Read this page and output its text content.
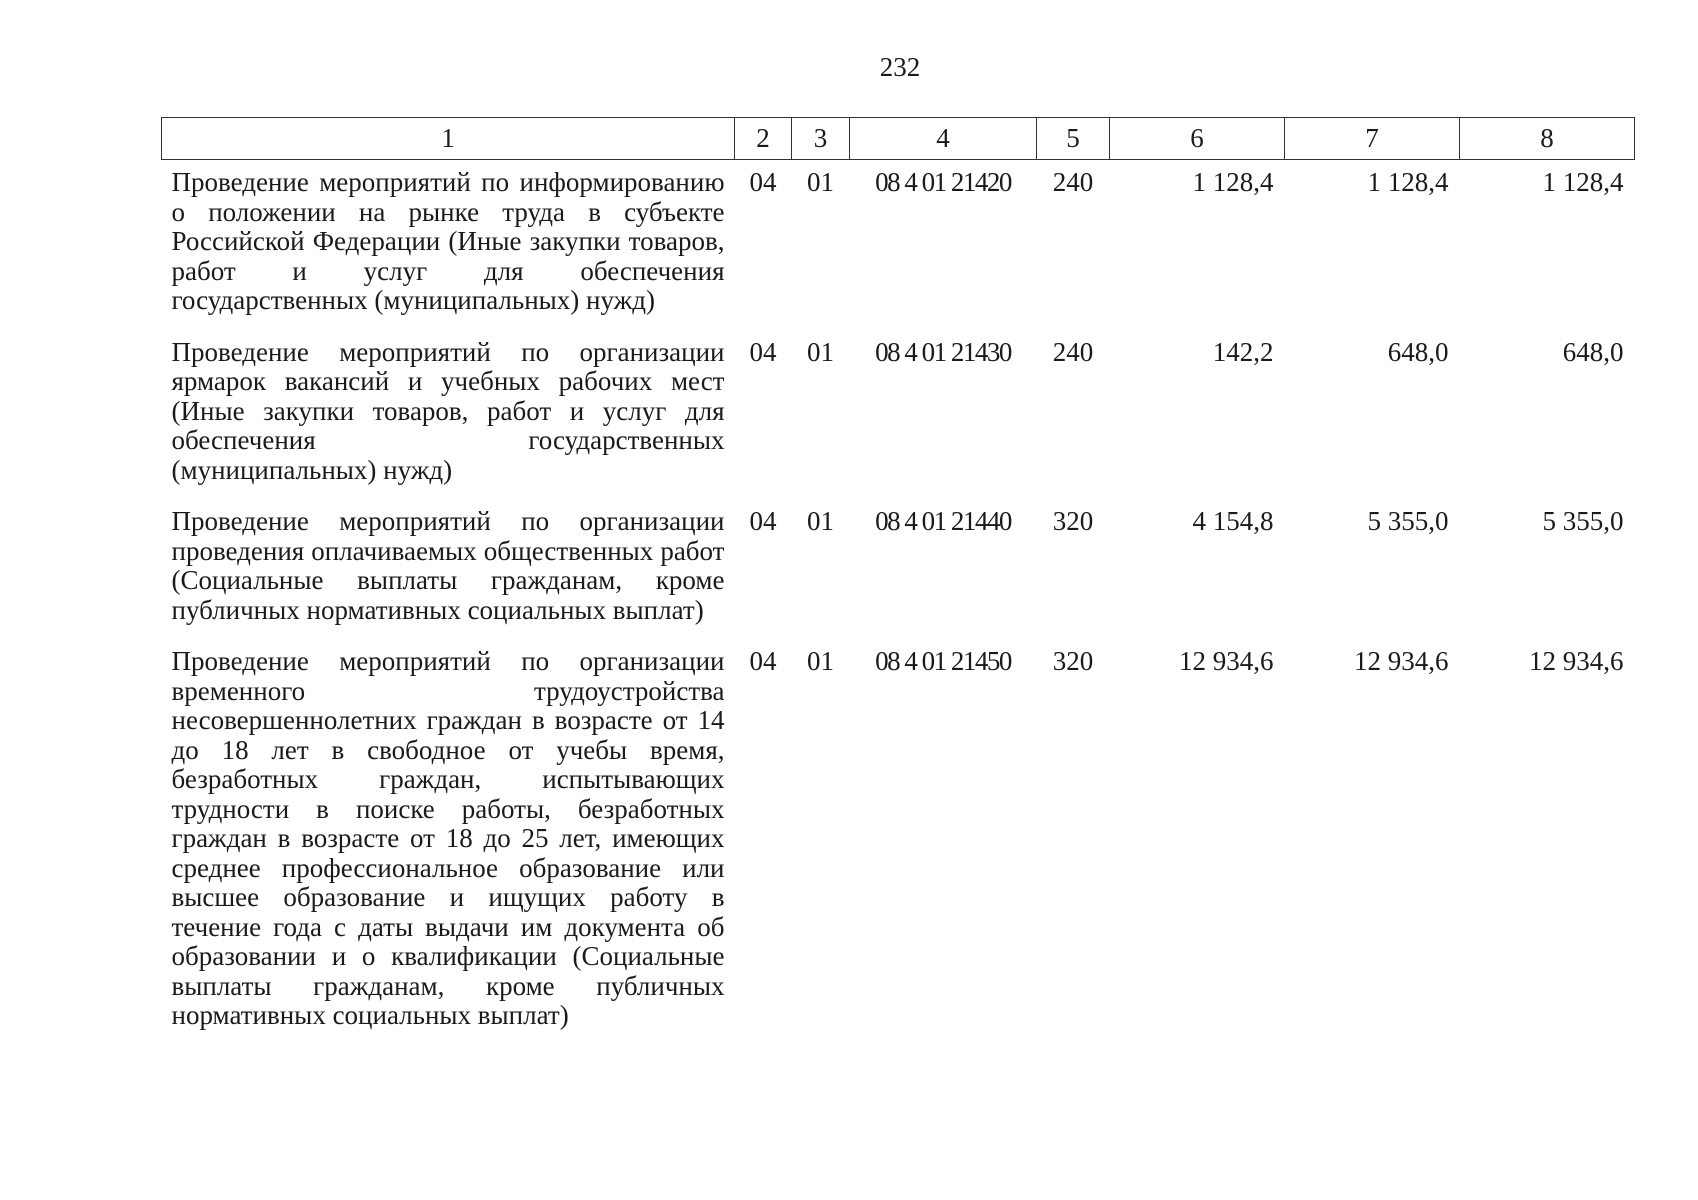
232
1	2	3	4	5	6	7	8
Проведение мероприятий по информированию о положении на рынке труда в субъекте Российской Федерации (Иные закупки товаров, работ и услуг для обеспечения государственных (муниципальных) нужд)	04	01	08 4 01 21420	240	1 128,4	1 128,4	1 128,4
Проведение мероприятий по организации ярмарок вакансий и учебных рабочих мест (Иные закупки товаров, работ и услуг для обеспечения государственных (муниципальных) нужд)	04	01	08 4 01 21430	240	142,2	648,0	648,0
Проведение мероприятий по организации проведения оплачиваемых общественных работ (Социальные выплаты гражданам, кроме публичных нормативных социальных выплат)	04	01	08 4 01 21440	320	4 154,8	5 355,0	5 355,0
Проведение мероприятий по организации временного трудоустройства несовершеннолетних граждан в возрасте от 14 до 18 лет в свободное от учебы время, безработных граждан, испытывающих трудности в поиске работы, безработных граждан в возрасте от 18 до 25 лет, имеющих среднее профессиональное образование или высшее образование и ищущих работу в течение года с даты выдачи им документа об образовании и о квалификации (Социальные выплаты гражданам, кроме публичных нормативных социальных выплат)	04	01	08 4 01 21450	320	12 934,6	12 934,6	12 934,6
